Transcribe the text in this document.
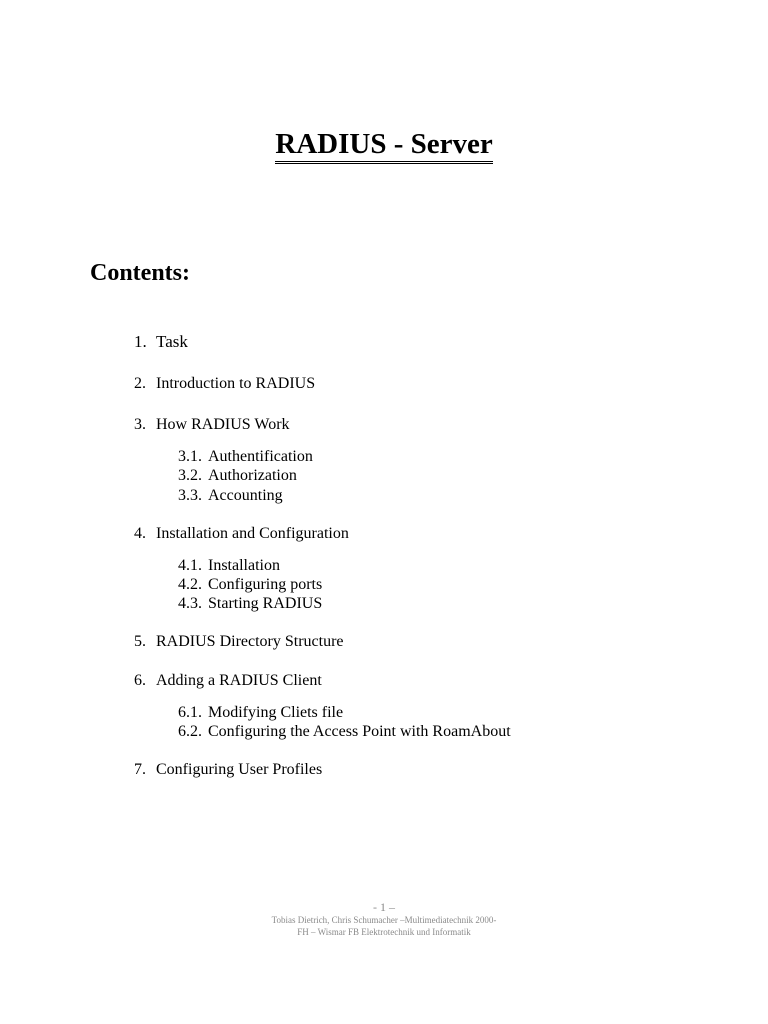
RADIUS - Server
Contents:
1. Task
2. Introduction to RADIUS
3. How RADIUS Work
3.1. Authentification
3.2. Authorization
3.3. Accounting
4. Installation and Configuration
4.1. Installation
4.2. Configuring ports
4.3. Starting RADIUS
5. RADIUS Directory Structure
6. Adding a RADIUS Client
6.1. Modifying Cliets file
6.2. Configuring the Access Point with RoamAbout
7. Configuring User Profiles
- 1 –
Tobias Dietrich, Chris Schumacher –Multimediatechnik 2000-
FH – Wismar FB Elektrotechnik und Informatik
